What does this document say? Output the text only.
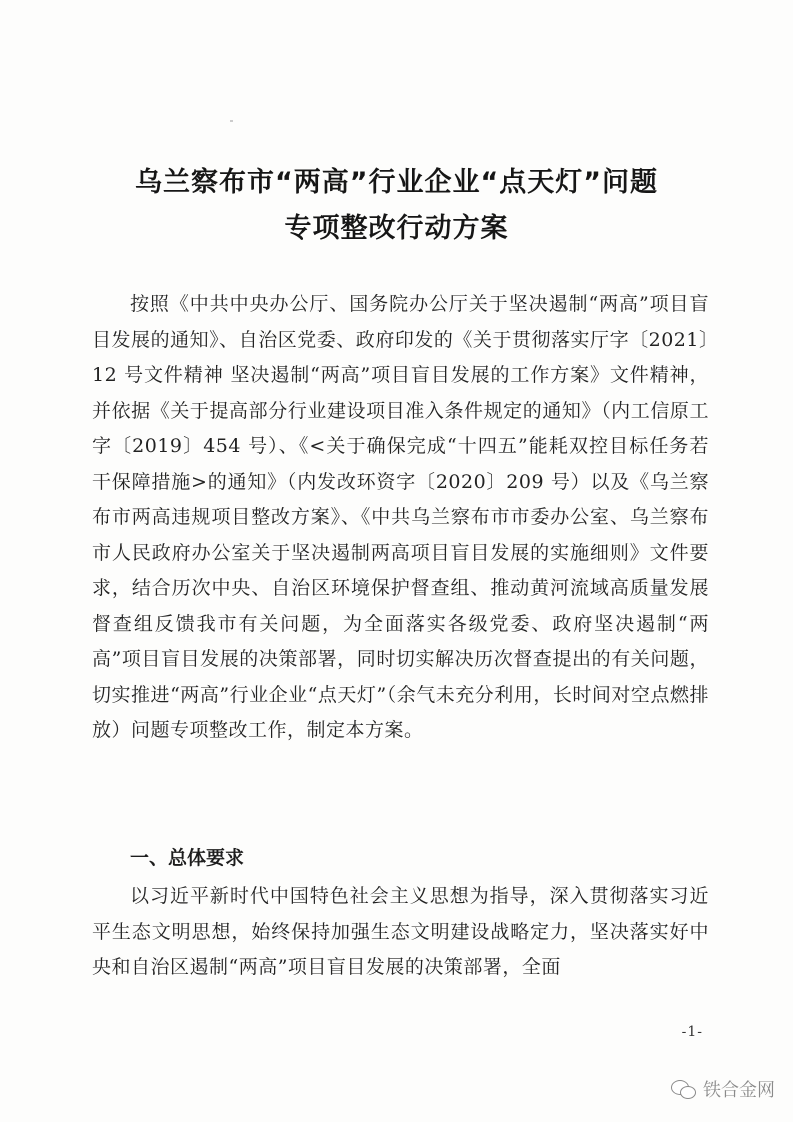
乌兰察布市“两高”行业企业“点天灯”问题
专项整改行动方案

按照《中共中央办公厅、国务院办公厅关于坚决遏制“两高”项目盲目发展的通知》、自治区党委、政府印发的《关于贯彻落实厅字〔2021〕12 号文件精神 坚决遏制“两高”项目盲目发展的工作方案》文件精神，并依据《关于提高部分行业建设项目准入条件规定的通知》（内工信原工字〔2019〕454 号）、《<关于确保完成“十四五”能耗双控目标任务若干保障措施>的通知》（内发改环资字〔2020〕209 号）以及《乌兰察布市两高违规项目整改方案》、《中共乌兰察布市市委办公室、乌兰察布市人民政府办公室关于坚决遏制两高项目盲目发展的实施细则》文件要求，结合历次中央、自治区环境保护督查组、推动黄河流域高质量发展督查组反馈我市有关问题，为全面落实各级党委、政府坚决遏制“两高”项目盲目发展的决策部署，同时切实解决历次督查提出的有关问题，切实推进“两高”行业企业“点天灯”（余气未充分利用，长时间对空点燃排放）问题专项整改工作，制定本方案。

一、总体要求

以习近平新时代中国特色社会主义思想为指导，深入贯彻落实习近平生态文明思想，始终保持加强生态文明建设战略定力，坚决落实好中央和自治区遏制“两高”项目盲目发展的决策部署，全面

-1-
铁合金网
